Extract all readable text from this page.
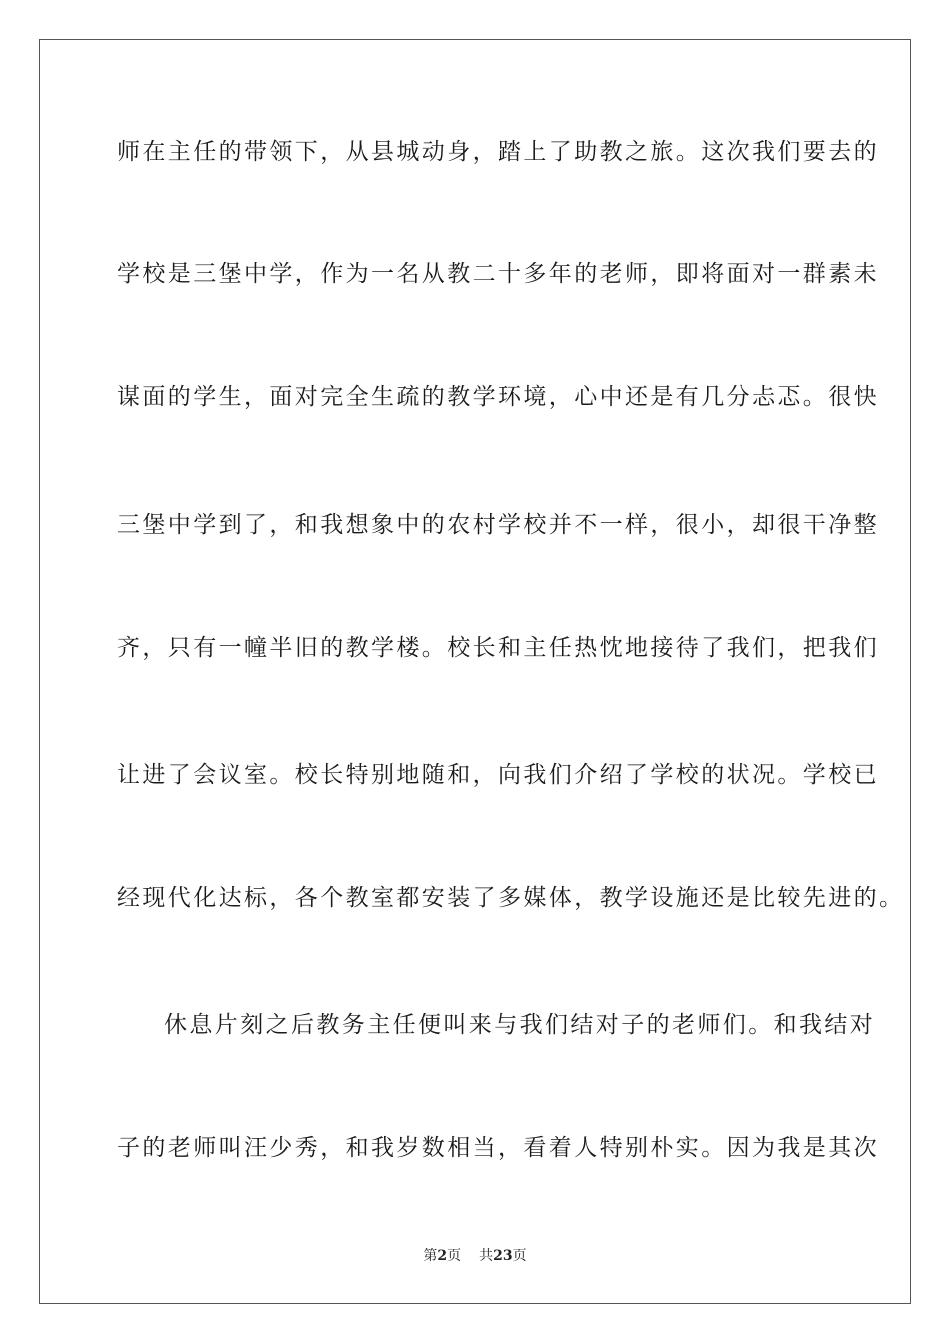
师在主任的带领下，从县城动身，踏上了助教之旅。这次我们要去的
学校是三堡中学，作为一名从教二十多年的老师，即将面对一群素未
谋面的学生，面对完全生疏的教学环境，心中还是有几分忐忑。很快
三堡中学到了，和我想象中的农村学校并不一样，很小，却很干净整
齐，只有一幢半旧的教学楼。校长和主任热忱地接待了我们，把我们
让进了会议室。校长特别地随和，向我们介绍了学校的状况。学校已
经现代化达标，各个教室都安装了多媒体，教学设施还是比较先进的。
休息片刻之后教务主任便叫来与我们结对子的老师们。和我结对
子的老师叫汪少秀，和我岁数相当，看着人特别朴实。因为我是其次
第2页 共23页
